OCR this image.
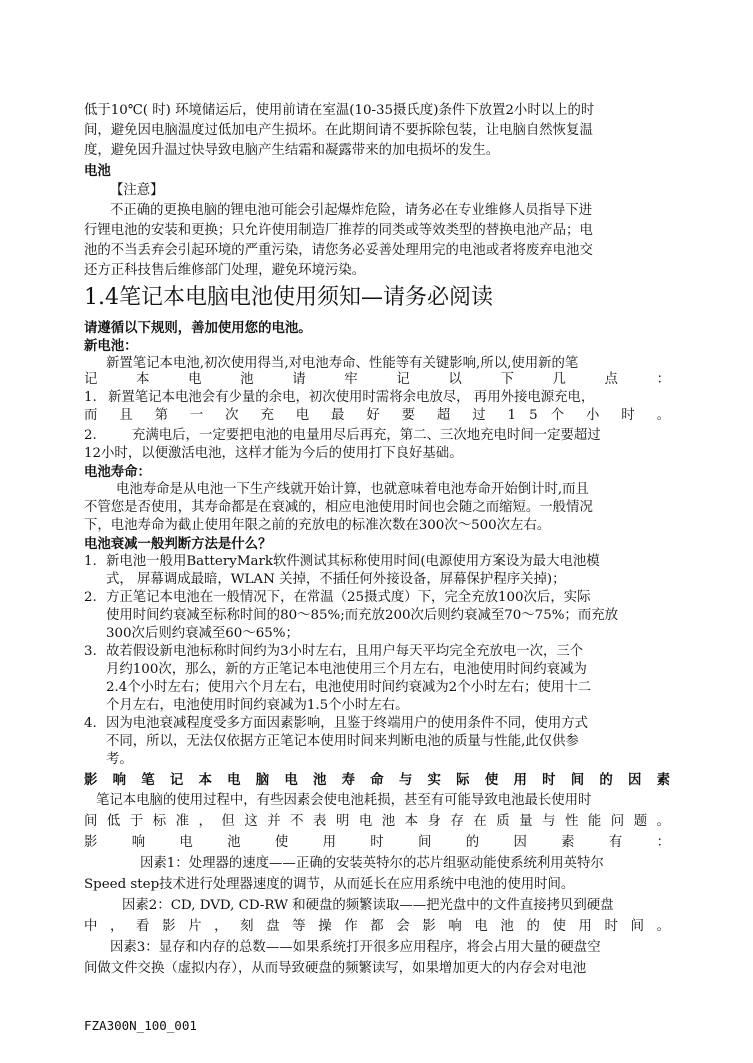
低于10℃( 时) 环境储运后，使用前请在室温(10-35摄氏度)条件下放置2小时以上的时
间，避免因电脑温度过低加电产生损坏。在此期间请不要拆除包装，让电脑自然恢复温
度，避免因升温过快导致电脑产生结霜和凝露带来的加电损坏的发生。
电池
【注意】
不正确的更换电脑的锂电池可能会引起爆炸危险，请务必在专业维修人员指导下进
行锂电池的安装和更换；只允许使用制造厂推荐的同类或等效类型的替换电池产品；电
池的不当丢弃会引起环境的严重污染，请您务必妥善处理用完的电池或者将废弃电池交
还方正科技售后维修部门处理，避免环境污染。
1.4笔记本电脑电池使用须知—请务必阅读
请遵循以下规则，善加使用您的电池。
新电池：
新置笔记本电池,初次使用得当,对电池寿命、性能等有关键影响,所以,使用新的笔
记 本 电 池 请 牢 记 以 下 几 点 ：
1. 新置笔记本电池会有少量的余电，初次使用时需将余电放尽， 再用外接电源充电，
而 且 第 一 次 充 电 最 好 要 超 过 1 5 个 小 时 。
2.	充满电后，一定要把电池的电量用尽后再充，第二、三次地充电时间一定要超过
12小时，以便激活电池，这样才能为今后的使用打下良好基础。
电池寿命：
电池寿命是从电池一下生产线就开始计算，也就意味着电池寿命开始倒计时,而且
不管您是否使用，其寿命都是在衰减的，相应电池使用时间也会随之而缩短。一般情况
下，电池寿命为截止使用年限之前的充放电的标准次数在300次～500次左右。
电池衰减一般判断方法是什么？
1. 新电池一般用BatteryMark软件测试其标称使用时间(电源使用方案设为最大电池模
式， 屏幕调成最暗，WLAN 关掉，不插任何外接设备，屏幕保护程序关掉)；
2. 方正笔记本电池在一般情况下，在常温（25摄式度）下，完全充放100次后，实际
使用时间约衰减至标称时间的80～85%;而充放200次后则约衰减至70～75%；而充放
300次后则约衰减至60～65%；
3. 故若假设新电池标称时间约为3小时左右，且用户每天平均完全充放电一次，三个
月约100次，那么，新的方正笔记本电池使用三个月左右，电池使用时间约衰减为
2.4个小时左右；使用六个月左右，电池使用时间约衰减为2个小时左右；使用十二
个月左右，电池使用时间约衰减为1.5个小时左右。
4. 因为电池衰减程度受多方面因素影响，且鉴于终端用户的使用条件不同，使用方式
不同，所以，无法仅依据方正笔记本使用时间来判断电池的质量与性能,此仅供参
考。
影 响 笔 记 本 电 脑 电 池 寿 命 与 实 际 使 用 时 间 的 因 素
笔记本电脑的使用过程中，有些因素会使电池耗损，甚至有可能导致电池最长使用时
间 低 于 标 准 ， 但 这 并 不 表 明 电 池 本 身 存 在 质 量 与 性 能 问 题 。
影 响 电 池 使 用 时 间 的 因 素 有 ：
因素1：处理器的速度——正确的安装英特尔的芯片组驱动能使系统利用英特尔
Speed step技术进行处理器速度的调节，从而延长在应用系统中电池的使用时间。
因素2：CD, DVD, CD-RW 和硬盘的频繁读取——把光盘中的文件直接拷贝到硬盘
中 ， 看 影 片 ， 刻 盘 等 操 作 都 会 影 响 电 池 的 使 用 时 间 。
因素3：显存和内存的总数——如果系统打开很多应用程序，将会占用大量的硬盘空
间做文件交换（虚拟内存），从而导致硬盘的频繁读写，如果增加更大的内存会对电池
FZA300N_100_001
